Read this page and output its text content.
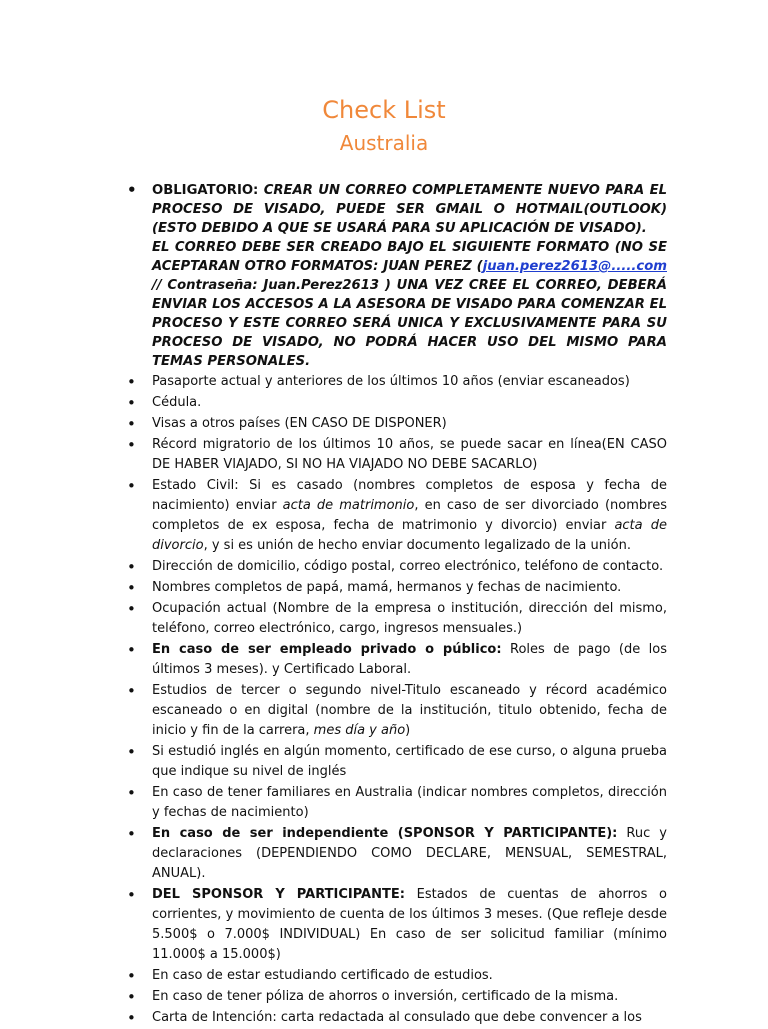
Check List
Australia
• OBLIGATORIO: CREAR UN CORREO COMPLETAMENTE NUEVO PARA EL PROCESO DE VISADO, PUEDE SER GMAIL O HOTMAIL(OUTLOOK) (ESTO DEBIDO A QUE SE USARÁ PARA SU APLICACIÓN DE VISADO).
EL CORREO DEBE SER CREADO BAJO EL SIGUIENTE FORMATO (NO SE ACEPTARAN OTRO FORMATOS: JUAN PEREZ (juan.perez2613@.....com // Contraseña: Juan.Perez2613 ) UNA VEZ CREE EL CORREO, DEBERÁ ENVIAR LOS ACCESOS A LA ASESORA DE VISADO PARA COMENZAR EL PROCESO Y ESTE CORREO SERÁ UNICA Y EXCLUSIVAMENTE PARA SU PROCESO DE VISADO, NO PODRÁ HACER USO DEL MISMO PARA TEMAS PERSONALES.
• Pasaporte actual y anteriores de los últimos 10 años (enviar escaneados)
• Cédula.
• Visas a otros países (EN CASO DE DISPONER)
• Récord migratorio de los últimos 10 años, se puede sacar en línea(EN CASO DE HABER VIAJADO, SI NO HA VIAJADO NO DEBE SACARLO)
• Estado Civil: Si es casado (nombres completos de esposa y fecha de nacimiento) enviar acta de matrimonio, en caso de ser divorciado (nombres completos de ex esposa, fecha de matrimonio y divorcio) enviar acta de divorcio, y si es unión de hecho enviar documento legalizado de la unión.
• Dirección de domicilio, código postal, correo electrónico, teléfono de contacto.
• Nombres completos de papá, mamá, hermanos y fechas de nacimiento.
• Ocupación actual (Nombre de la empresa o institución, dirección del mismo, teléfono, correo electrónico, cargo, ingresos mensuales.)
• En caso de ser empleado privado o público: Roles de pago (de los últimos 3 meses). y Certificado Laboral.
• Estudios de tercer o segundo nivel-Titulo escaneado y récord académico escaneado o en digital (nombre de la institución, titulo obtenido, fecha de inicio y fin de la carrera, mes día y año)
• Si estudió inglés en algún momento, certificado de ese curso, o alguna prueba que indique su nivel de inglés
• En caso de tener familiares en Australia (indicar nombres completos, dirección y fechas de nacimiento)
• En caso de ser independiente (SPONSOR Y PARTICIPANTE): Ruc y declaraciones (DEPENDIENDO COMO DECLARE, MENSUAL, SEMESTRAL, ANUAL).
• DEL SPONSOR Y PARTICIPANTE: Estados de cuentas de ahorros o corrientes, y movimiento de cuenta de los últimos 3 meses. (Que refleje desde 5.500$ o 7.000$ INDIVIDUAL) En caso de ser solicitud familiar (mínimo 11.000$ a 15.000$)
• En caso de estar estudiando certificado de estudios.
• En caso de tener póliza de ahorros o inversión, certificado de la misma.
• Carta de Intención: carta redactada al consulado que debe convencer a los
